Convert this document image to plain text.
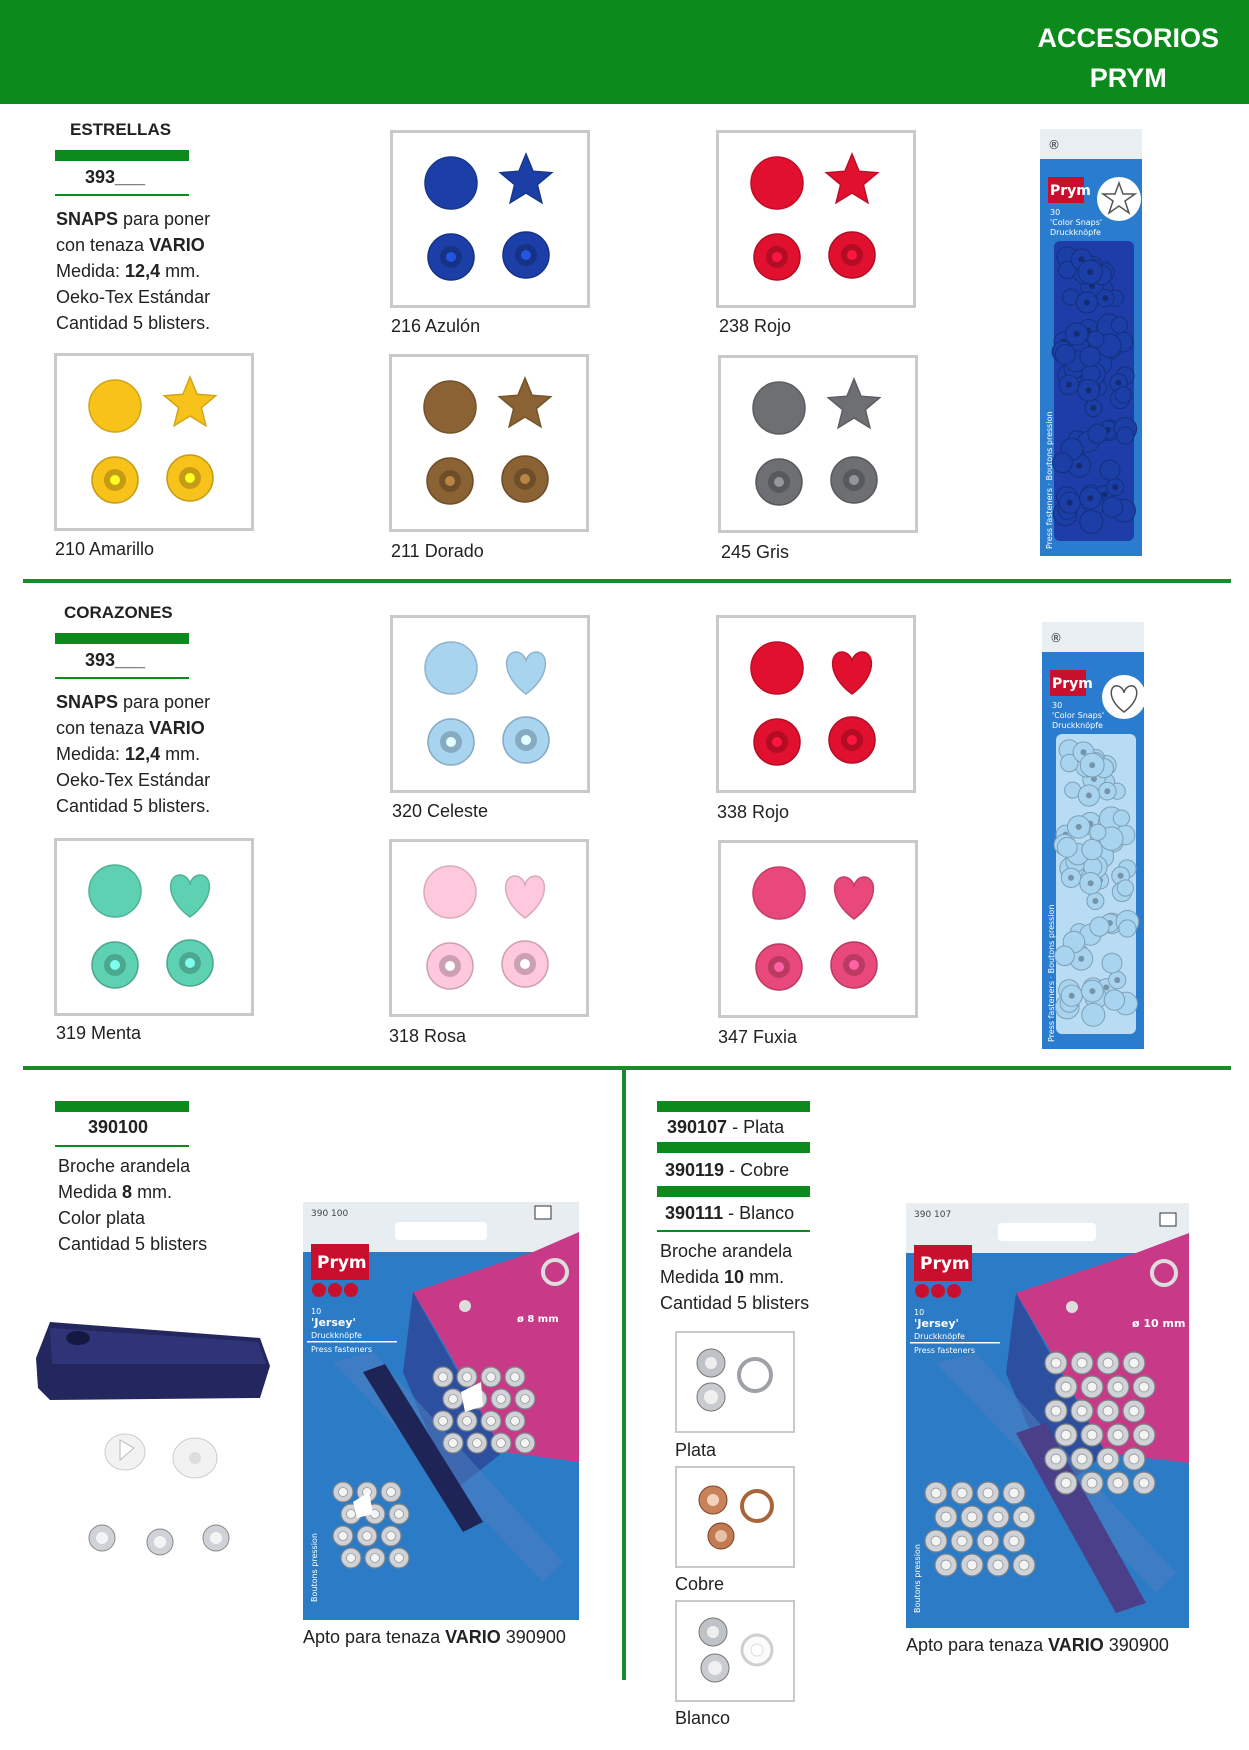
ACCESORIOS
PRYM
ESTRELLAS
393___
SNAPS para poner
con tenaza VARIO
Medida: 12,4 mm.
Oeko-Tex Estándar
Cantidad 5 blisters.	216 Azulón	238 Rojo
210 Amarillo	211 Dorado	245 Gris
®
Prym
30
'Color Snaps'
Druckknöpfe
Press fasteners · Boutons pression
CORAZONES
393___
SNAPS para poner
con tenaza VARIO
Medida: 12,4 mm.
Oeko-Tex Estándar
Cantidad 5 blisters.	320 Celeste	338 Rojo
319 Menta	318 Rosa	347 Fuxia
®
Prym
30
'Color Snaps'
Druckknöpfe
Press fasteners · Boutons pression
390100
Broche arandela
Medida 8 mm.
Color plata
Cantidad 5 blisters
390 100
Prym
10
'Jersey'
Druckknöpfe
Press fasteners
ø 8 mm
Boutons pression
Apto para tenaza VARIO 390900
390107 - Plata
390119 - Cobre
390111 - Blanco
Broche arandela
Medida 10 mm.
Cantidad 5 blisters
Plata
Cobre
Blanco
390 107
Prym
10
'Jersey'
Druckknöpfe
Press fasteners
ø 10 mm
Boutons pression
Apto para tenaza VARIO 390900
